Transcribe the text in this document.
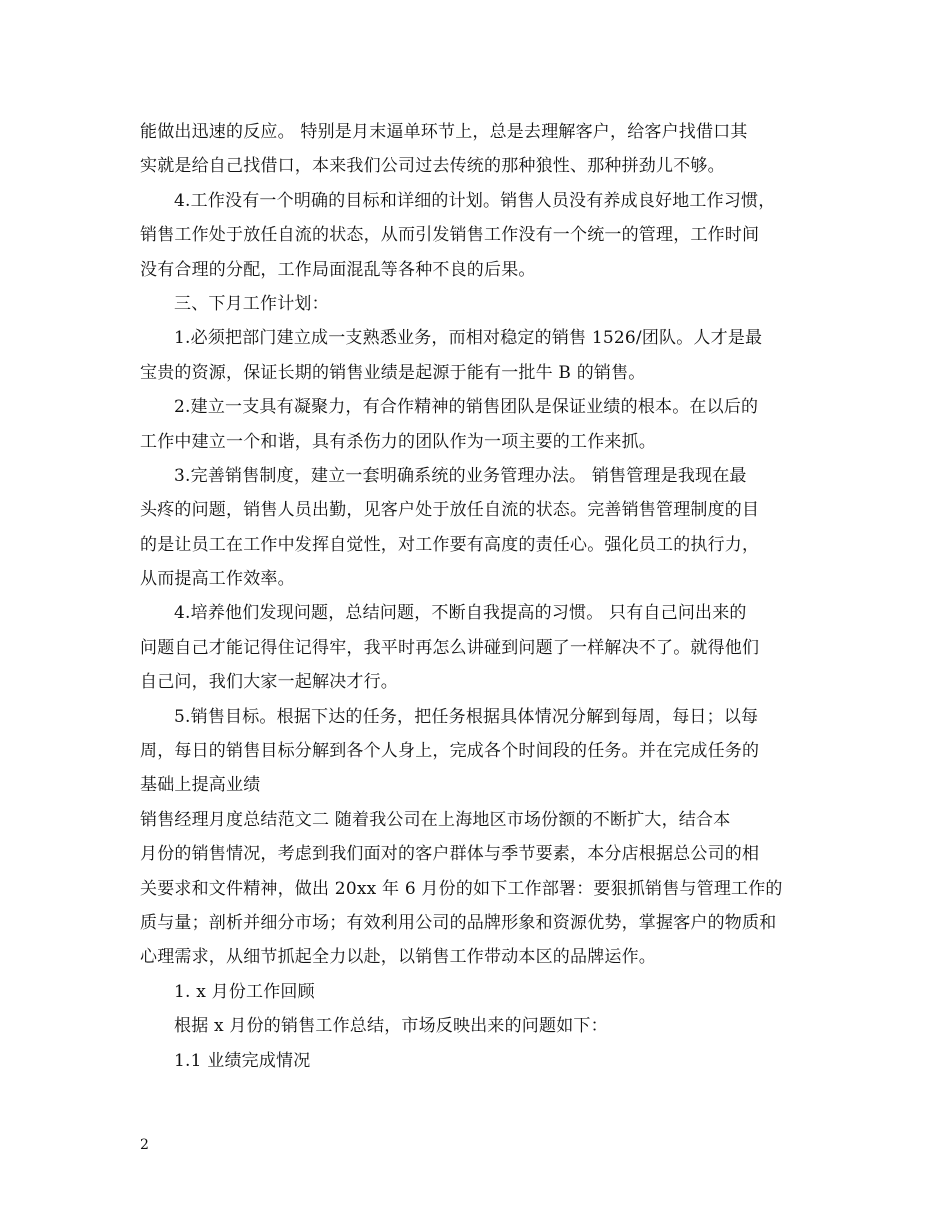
能做出迅速的反应。 特别是月末逼单环节上，总是去理解客户，给客户找借口其
实就是给自己找借口，本来我们公司过去传统的那种狼性、那种拼劲儿不够。
4.工作没有一个明确的目标和详细的计划。销售人员没有养成良好地工作习惯，
销售工作处于放任自流的状态，从而引发销售工作没有一个统一的管理，工作时间
没有合理的分配，工作局面混乱等各种不良的后果。
三、下月工作计划：
1.必须把部门建立成一支熟悉业务，而相对稳定的销售 1526/团队。人才是最
宝贵的资源，保证长期的销售业绩是起源于能有一批牛 B 的销售。
2.建立一支具有凝聚力，有合作精神的销售团队是保证业绩的根本。在以后的
工作中建立一个和谐，具有杀伤力的团队作为一项主要的工作来抓。
3.完善销售制度，建立一套明确系统的业务管理办法。 销售管理是我现在最
头疼的问题，销售人员出勤，见客户处于放任自流的状态。完善销售管理制度的目
的是让员工在工作中发挥自觉性，对工作要有高度的责任心。强化员工的执行力，
从而提高工作效率。
4.培养他们发现问题，总结问题，不断自我提高的习惯。 只有自己问出来的
问题自己才能记得住记得牢，我平时再怎么讲碰到问题了一样解决不了。就得他们
自己问，我们大家一起解决才行。
5.销售目标。根据下达的任务，把任务根据具体情况分解到每周，每日；以每
周，每日的销售目标分解到各个人身上，完成各个时间段的任务。并在完成任务的
基础上提高业绩
销售经理月度总结范文二 随着我公司在上海地区市场份额的不断扩大，结合本
月份的销售情况，考虑到我们面对的客户群体与季节要素，本分店根据总公司的相
关要求和文件精神，做出 20xx 年 6 月份的如下工作部署：要狠抓销售与管理工作的
质与量；剖析并细分市场；有效利用公司的品牌形象和资源优势，掌握客户的物质和
心理需求，从细节抓起全力以赴，以销售工作带动本区的品牌运作。
1. x 月份工作回顾
根据 x 月份的销售工作总结，市场反映出来的问题如下：
1.1 业绩完成情况
2
